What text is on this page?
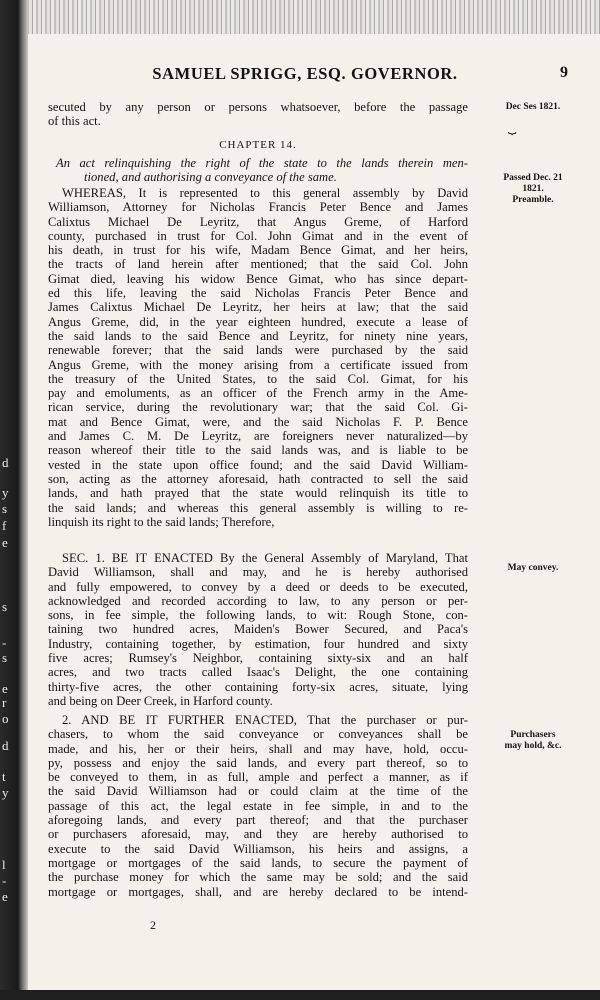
d
y
s
f
e
s
-
s
e
r
o
d
t
y
l
-
e
SAMUEL SPRIGG, ESQ. GOVERNOR.	9
Dec Ses 1821.
⏟
Passed Dec. 21
1821.
Preamble.
May convey.
Purchasers
may hold, &c.
secuted by any person or persons whatsoever, before the passage
of this act.
CHAPTER 14.
An act relinquishing the right of the state to the lands therein men-
tioned, and authorising a conveyance of the same.
WHEREAS, It is represented to this general assembly by David
Williamson, Attorney for Nicholas Francis Peter Bence and James
Calixtus Michael De Leyritz, that Angus Greme, of Harford
county, purchased in trust for Col. John Gimat and in the event of
his death, in trust for his wife, Madam Bence Gimat, and her heirs,
the tracts of land herein after mentioned; that the said Col. John
Gimat died, leaving his widow Bence Gimat, who has since depart-
ed this life, leaving the said Nicholas Francis Peter Bence and
James Calixtus Michael De Leyritz, her heirs at law; that the said
Angus Greme, did, in the year eighteen hundred, execute a lease of
the said lands to the said Bence and Leyritz, for ninety nine years,
renewable forever; that the said lands were purchased by the said
Angus Greme, with the money arising from a certificate issued from
the treasury of the United States, to the said Col. Gimat, for his
pay and emoluments, as an officer of the French army in the Ame-
rican service, during the revolutionary war; that the said Col. Gi-
mat and Bence Gimat, were, and the said Nicholas F. P. Bence
and James C. M. De Leyritz, are foreigners never naturalized—by
reason whereof their title to the said lands was, and is liable to be
vested in the state upon office found; and the said David William-
son, acting as the attorney aforesaid, hath contracted to sell the said
lands, and hath prayed that the state would relinquish its title to
the said lands; and whereas this general assembly is willing to re-
linquish its right to the said lands; Therefore,
SEC. 1. BE IT ENACTED By the General Assembly of Maryland, That
David Williamson, shall and may, and he is hereby authorised
and fully empowered, to convey by a deed or deeds to be executed,
acknowledged and recorded according to law, to any person or per-
sons, in fee simple, the following lands, to wit: Rough Stone, con-
taining two hundred acres, Maiden's Bower Secured, and Paca's
Industry, containing together, by estimation, four hundred and sixty
five acres; Rumsey's Neighbor, containing sixty-six and an half
acres, and two tracts called Isaac's Delight, the one containing
thirty-five acres, the other containing forty-six acres, situate, lying
and being on Deer Creek, in Harford county.
2. AND BE IT FURTHER ENACTED, That the purchaser or pur-
chasers, to whom the said conveyance or conveyances shall be
made, and his, her or their heirs, shall and may have, hold, occu-
py, possess and enjoy the said lands, and every part thereof, so to
be conveyed to them, in as full, ample and perfect a manner, as if
the said David Williamson had or could claim at the time of the
passage of this act, the legal estate in fee simple, in and to the
aforegoing lands, and every part thereof; and that the purchaser
or purchasers aforesaid, may, and they are hereby authorised to
execute to the said David Williamson, his heirs and assigns, a
mortgage or mortgages of the said lands, to secure the payment of
the purchase money for which the same may be sold; and the said
mortgage or mortgages, shall, and are hereby declared to be intend-
2
